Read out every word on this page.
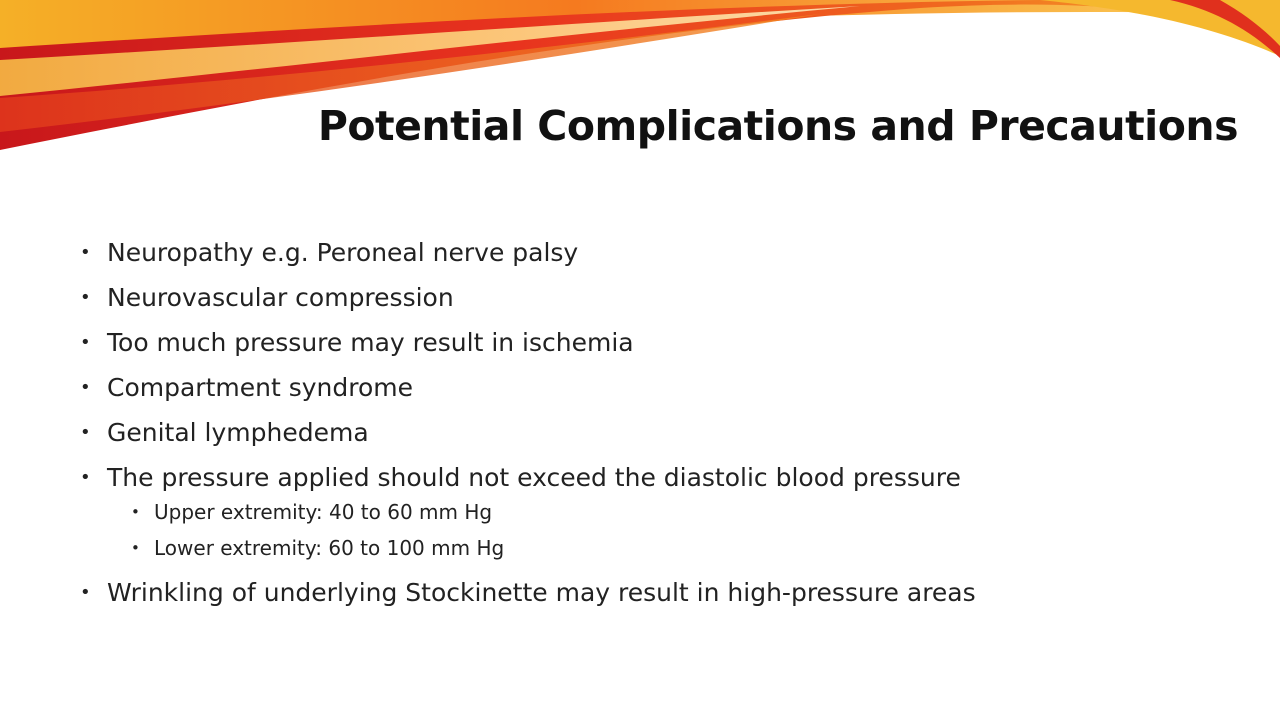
Potential Complications and Precautions
• Neuropathy e.g. Peroneal nerve palsy
• Neurovascular compression
• Too much pressure may result in ischemia
• Compartment syndrome
• Genital lymphedema
• The pressure applied should not exceed the diastolic blood pressure
• Upper extremity: 40 to 60 mm Hg
• Lower extremity: 60 to 100 mm Hg
• Wrinkling of underlying Stockinette may result in high-pressure areas
